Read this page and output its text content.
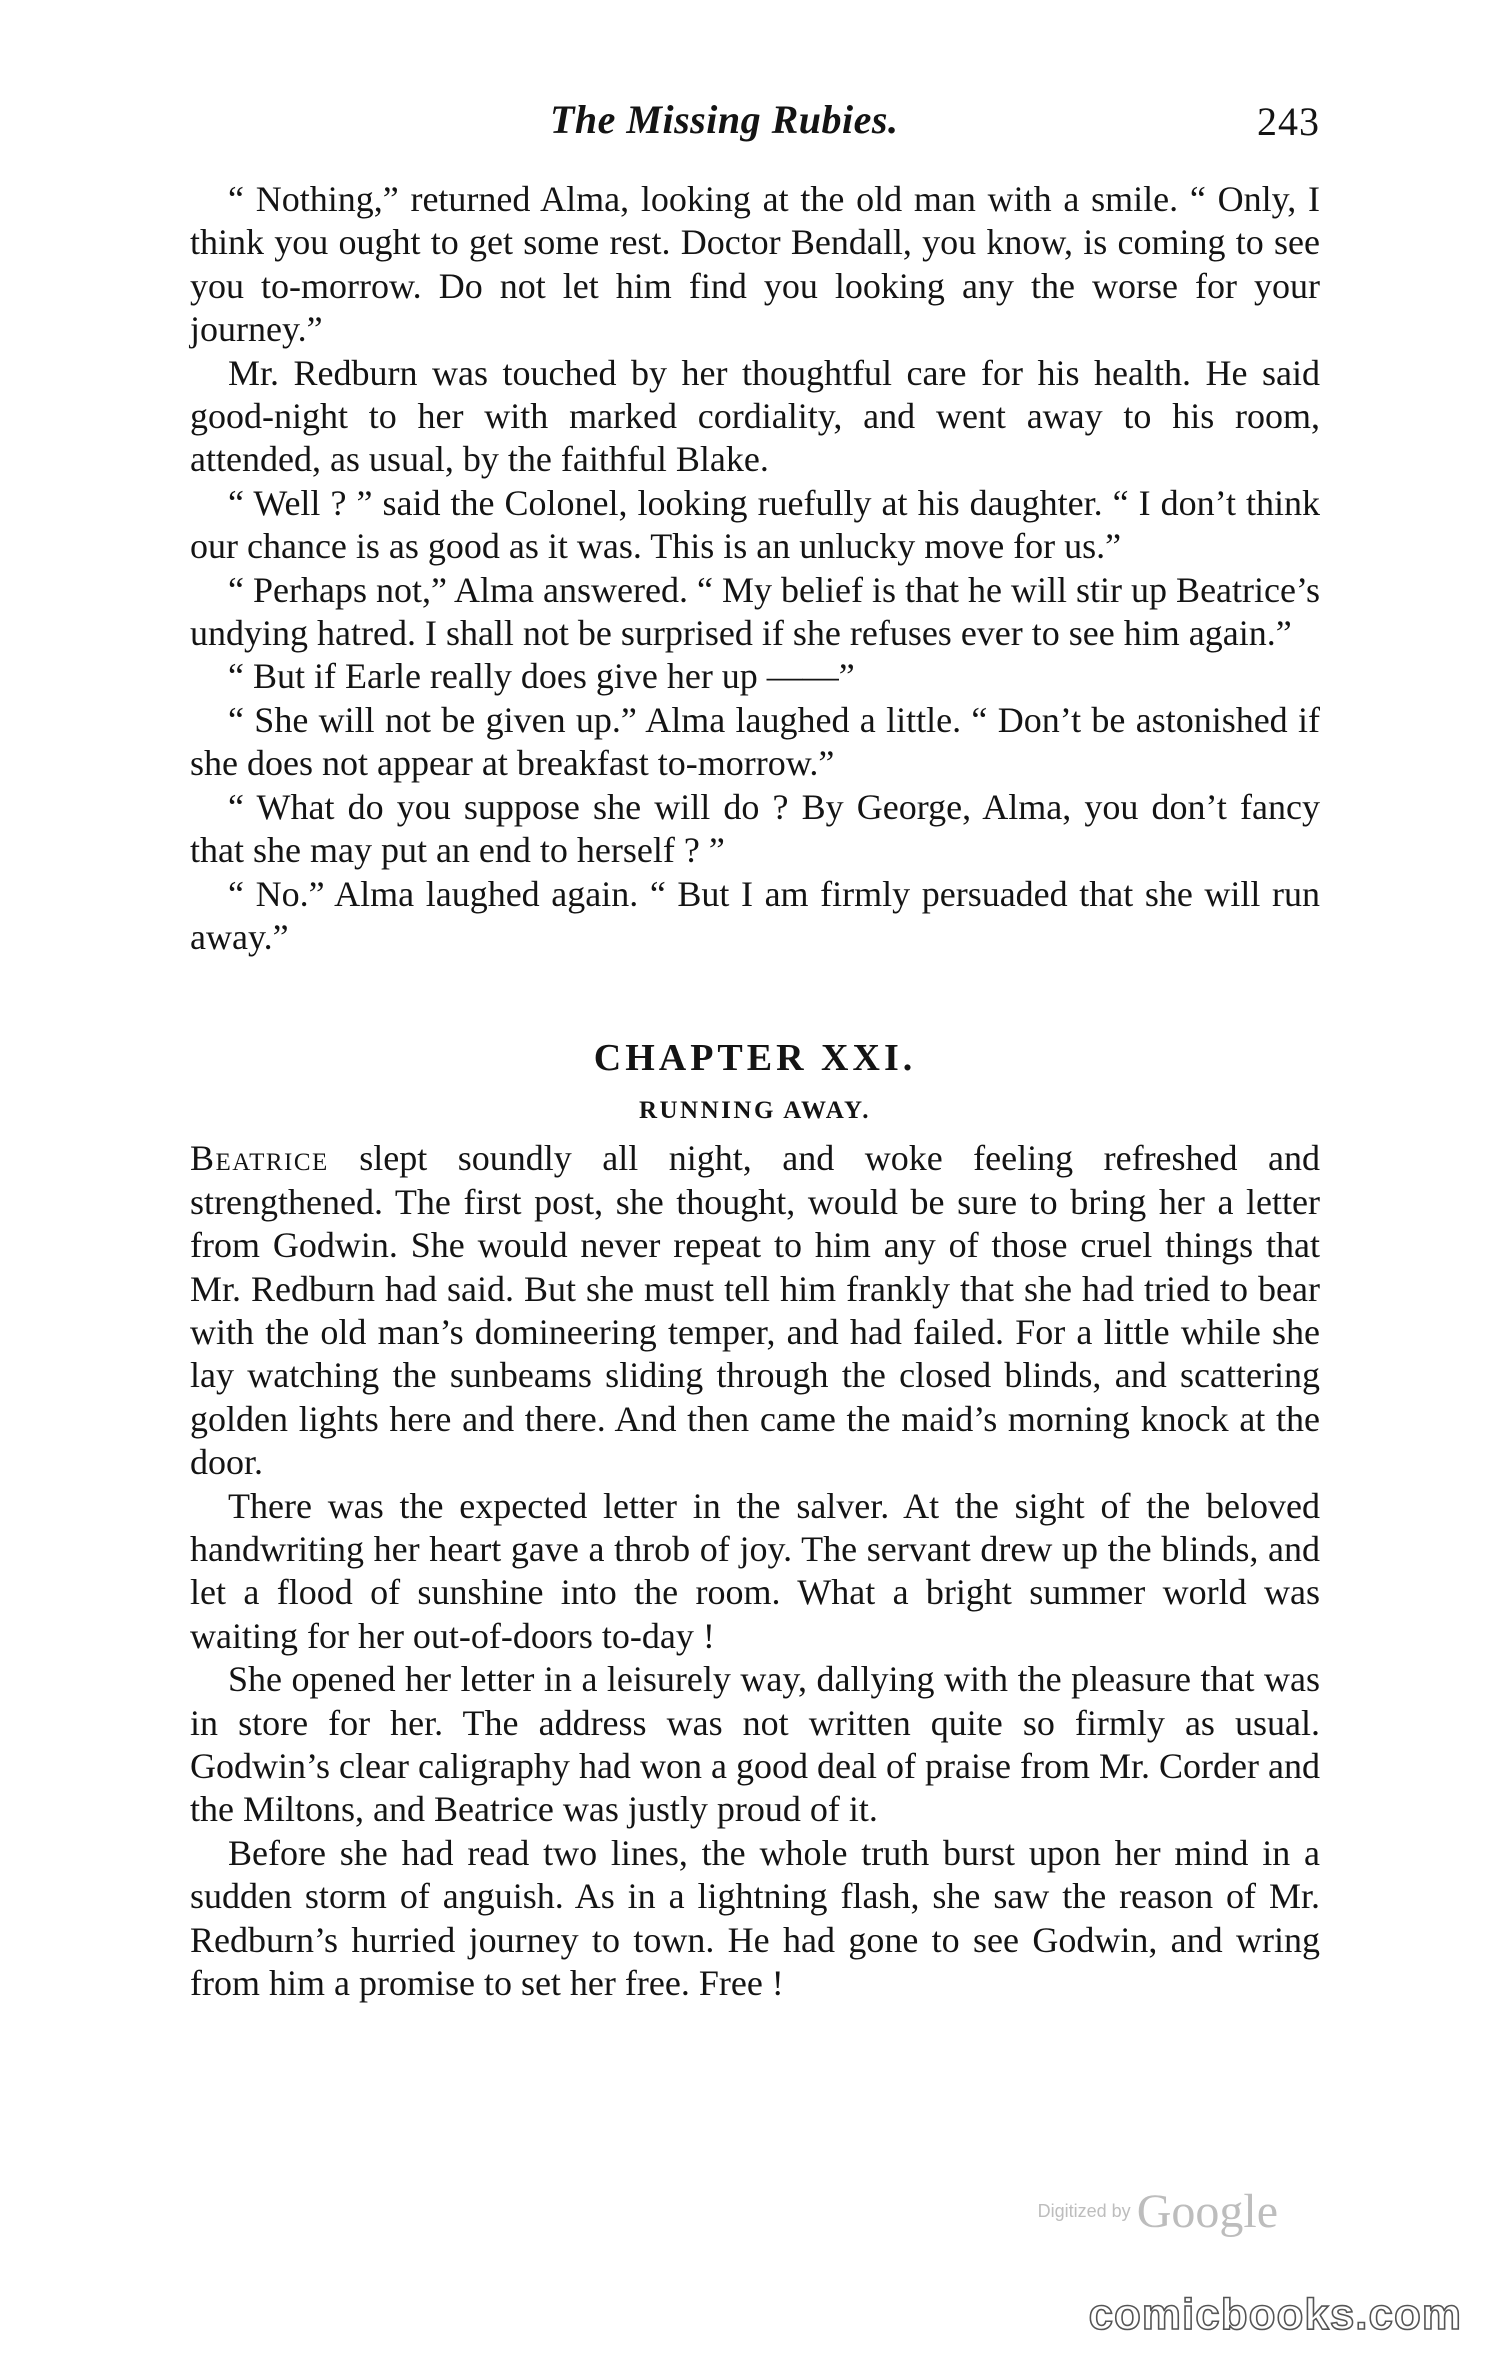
The Missing Rubies.	243

“ Nothing,” returned Alma, looking at the old man with a smile. “ Only, I think you ought to get some rest. Doctor Bendall, you know, is coming to see you to-morrow. Do not let him find you looking any the worse for your journey.”

Mr. Redburn was touched by her thoughtful care for his health. He said good-night to her with marked cordiality, and went away to his room, attended, as usual, by the faithful Blake.

“ Well ? ” said the Colonel, looking ruefully at his daughter. “ I don’t think our chance is as good as it was. This is an unlucky move for us.”

“ Perhaps not,” Alma answered. “ My belief is that he will stir up Beatrice’s undying hatred. I shall not be surprised if she refuses ever to see him again.”

“ But if Earle really does give her up ——”

“ She will not be given up.” Alma laughed a little. “ Don’t be astonished if she does not appear at breakfast to-morrow.”

“ What do you suppose she will do ? By George, Alma, you don’t fancy that she may put an end to herself ? ”

“ No.” Alma laughed again. “ But I am firmly persuaded that she will run away.”

CHAPTER XXI.
RUNNING AWAY.

Beatrice slept soundly all night, and woke feeling refreshed and strengthened. The first post, she thought, would be sure to bring her a letter from Godwin. She would never repeat to him any of those cruel things that Mr. Redburn had said. But she must tell him frankly that she had tried to bear with the old man’s domineering temper, and had failed. For a little while she lay watching the sunbeams sliding through the closed blinds, and scattering golden lights here and there. And then came the maid’s morning knock at the door.

There was the expected letter in the salver. At the sight of the beloved handwriting her heart gave a throb of joy. The servant drew up the blinds, and let a flood of sunshine into the room. What a bright summer world was waiting for her out-of-doors to-day !

She opened her letter in a leisurely way, dallying with the pleasure that was in store for her. The address was not written quite so firmly as usual. Godwin’s clear caligraphy had won a good deal of praise from Mr. Corder and the Miltons, and Beatrice was justly proud of it.

Before she had read two lines, the whole truth burst upon her mind in a sudden storm of anguish. As in a lightning flash, she saw the reason of Mr. Redburn’s hurried journey to town. He had gone to see Godwin, and wring from him a promise to set her free. Free !

Digitized by Google
comicbooks.com
